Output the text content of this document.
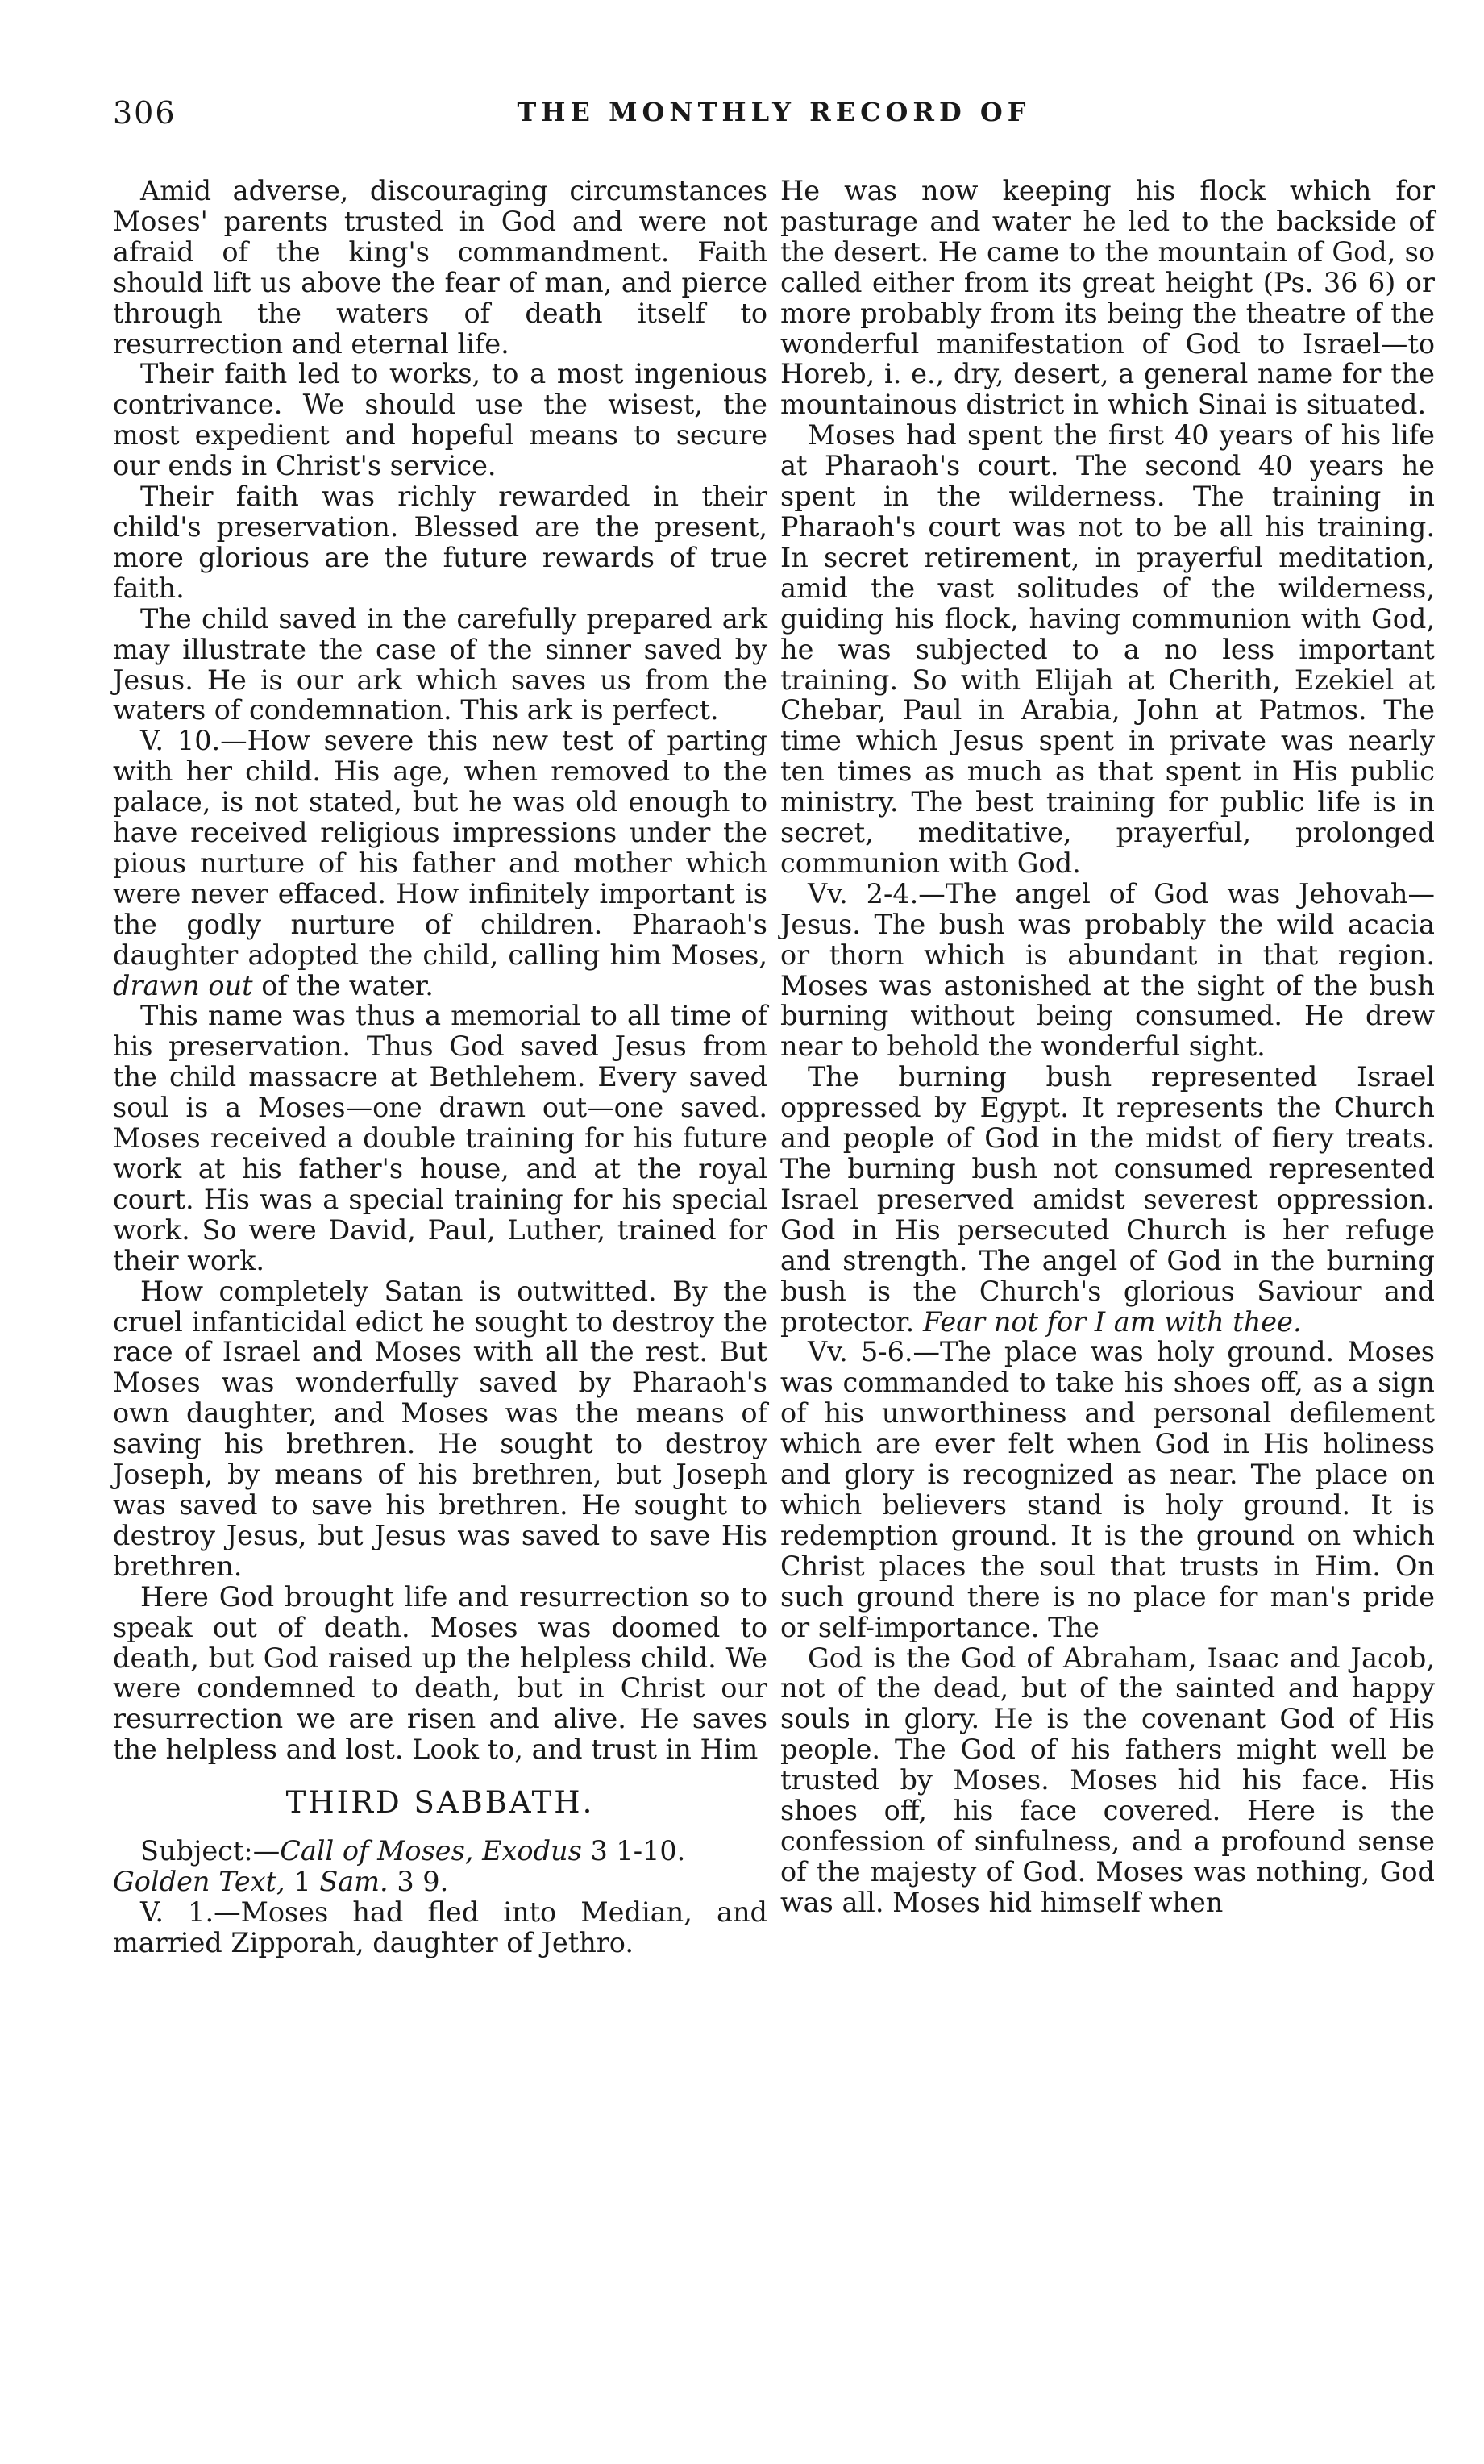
306	THE MONTHLY RECORD OF

Amid adverse, discouraging circumstances Moses' parents trusted in God and were not afraid of the king's commandment. Faith should lift us above the fear of man, and pierce through the waters of death itself to resurrection and eternal life.

Their faith led to works, to a most ingenious contrivance. We should use the wisest, the most expedient and hopeful means to secure our ends in Christ's service.

Their faith was richly rewarded in their child's preservation. Blessed are the present, more glorious are the future rewards of true faith.

The child saved in the carefully prepared ark may illustrate the case of the sinner saved by Jesus. He is our ark which saves us from the waters of condemnation. This ark is perfect.

V. 10.—How severe this new test of parting with her child. His age, when removed to the palace, is not stated, but he was old enough to have received religious impressions under the pious nurture of his father and mother which were never effaced. How infinitely important is the godly nurture of children. Pharaoh's daughter adopted the child, calling him Moses, drawn out of the water.

This name was thus a memorial to all time of his preservation. Thus God saved Jesus from the child massacre at Bethlehem. Every saved soul is a Moses—one drawn out—one saved. Moses received a double training for his future work at his father's house, and at the royal court. His was a special training for his special work. So were David, Paul, Luther, trained for their work.

How completely Satan is outwitted. By the cruel infanticidal edict he sought to destroy the race of Israel and Moses with all the rest. But Moses was wonderfully saved by Pharaoh's own daughter, and Moses was the means of saving his brethren. He sought to destroy Joseph, by means of his brethren, but Joseph was saved to save his brethren. He sought to destroy Jesus, but Jesus was saved to save His brethren.

Here God brought life and resurrection so to speak out of death. Moses was doomed to death, but God raised up the helpless child. We were condemned to death, but in Christ our resurrection we are risen and alive. He saves the helpless and lost. Look to, and trust in Him

THIRD SABBATH.

Subject:—Call of Moses, Exodus 3 1-10.
Golden Text, 1 Sam. 3 9.

V. 1.—Moses had fled into Median, and married Zipporah, daughter of Jethro.

He was now keeping his flock which for pasturage and water he led to the backside of the desert. He came to the mountain of God, so called either from its great height (Ps. 36 6) or more probably from its being the theatre of the wonderful manifestation of God to Israel—to Horeb, i. e., dry, desert, a general name for the mountainous district in which Sinai is situated.

Moses had spent the first 40 years of his life at Pharaoh's court. The second 40 years he spent in the wilderness. The training in Pharaoh's court was not to be all his training. In secret retirement, in prayerful meditation, amid the vast solitudes of the wilderness, guiding his flock, having communion with God, he was subjected to a no less important training. So with Elijah at Cherith, Ezekiel at Chebar, Paul in Arabia, John at Patmos. The time which Jesus spent in private was nearly ten times as much as that spent in His public ministry. The best training for public life is in secret, meditative, prayerful, prolonged communion with God.

Vv. 2-4.—The angel of God was Jehovah—Jesus. The bush was probably the wild acacia or thorn which is abundant in that region. Moses was astonished at the sight of the bush burning without being consumed. He drew near to behold the wonderful sight.

The burning bush represented Israel oppressed by Egypt. It represents the Church and people of God in the midst of fiery treats. The burning bush not consumed represented Israel preserved amidst severest oppression. God in His persecuted Church is her refuge and strength. The angel of God in the burning bush is the Church's glorious Saviour and protector. Fear not for I am with thee.

Vv. 5-6.—The place was holy ground. Moses was commanded to take his shoes off, as a sign of his unworthiness and personal defilement which are ever felt when God in His holiness and glory is recognized as near. The place on which believers stand is holy ground. It is redemption ground. It is the ground on which Christ places the soul that trusts in Him. On such ground there is no place for man's pride or self-importance. The

God is the God of Abraham, Isaac and Jacob, not of the dead, but of the sainted and happy souls in glory. He is the covenant God of His people. The God of his fathers might well be trusted by Moses. Moses hid his face. His shoes off, his face covered. Here is the confession of sinfulness, and a profound sense of the majesty of God. Moses was nothing, God was all. Moses hid himself when
